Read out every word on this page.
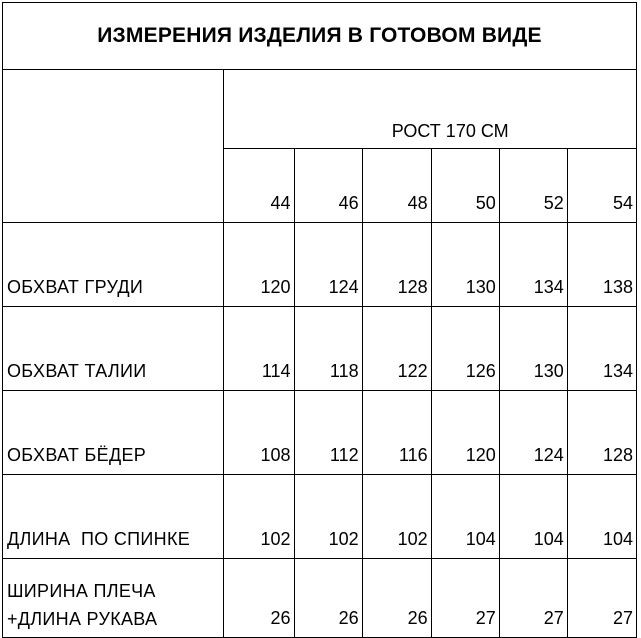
ИЗМЕРЕНИЯ ИЗДЕЛИЯ В ГОТОВОМ ВИДЕ						
	РОСТ 170 СМ					
	44	46	48	50	52	54
ОБХВАТ ГРУДИ	120	124	128	130	134	138
ОБХВАТ ТАЛИИ	114	118	122	126	130	134
ОБХВАТ БЁДЕР	108	112	116	120	124	128
ДЛИНА  ПО СПИНКЕ	102	102	102	104	104	104
ШИРИНА ПЛЕЧА
+ДЛИНА РУКАВА	26	26	26	27	27	27
